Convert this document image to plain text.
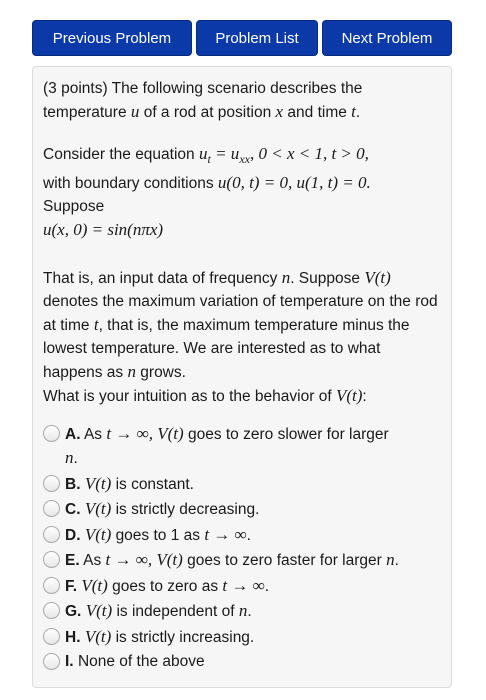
Previous Problem	Problem List	Next Problem

(3 points) The following scenario describes the temperature u of a rod at position x and time t.

Consider the equation $u_t = u_{xx}$, 0 < x < 1, t > 0,
with boundary conditions u(0, t) = 0, u(1, t) = 0.
Suppose
u(x, 0) = sin(nπx)

That is, an input data of frequency n. Suppose V(t) denotes the maximum variation of temperature on the rod at time t, that is, the maximum temperature minus the lowest temperature. We are interested as to what happens as n grows.
What is your intuition as to the behavior of V(t):

A. As t → ∞, V(t) goes to zero slower for larger
n.
B. V(t) is constant.
C. V(t) is strictly decreasing.
D. V(t) goes to 1 as t → ∞.
E. As t → ∞, V(t) goes to zero faster for larger n.
F. V(t) goes to zero as t → ∞.
G. V(t) is independent of n.
H. V(t) is strictly increasing.
I. None of the above
